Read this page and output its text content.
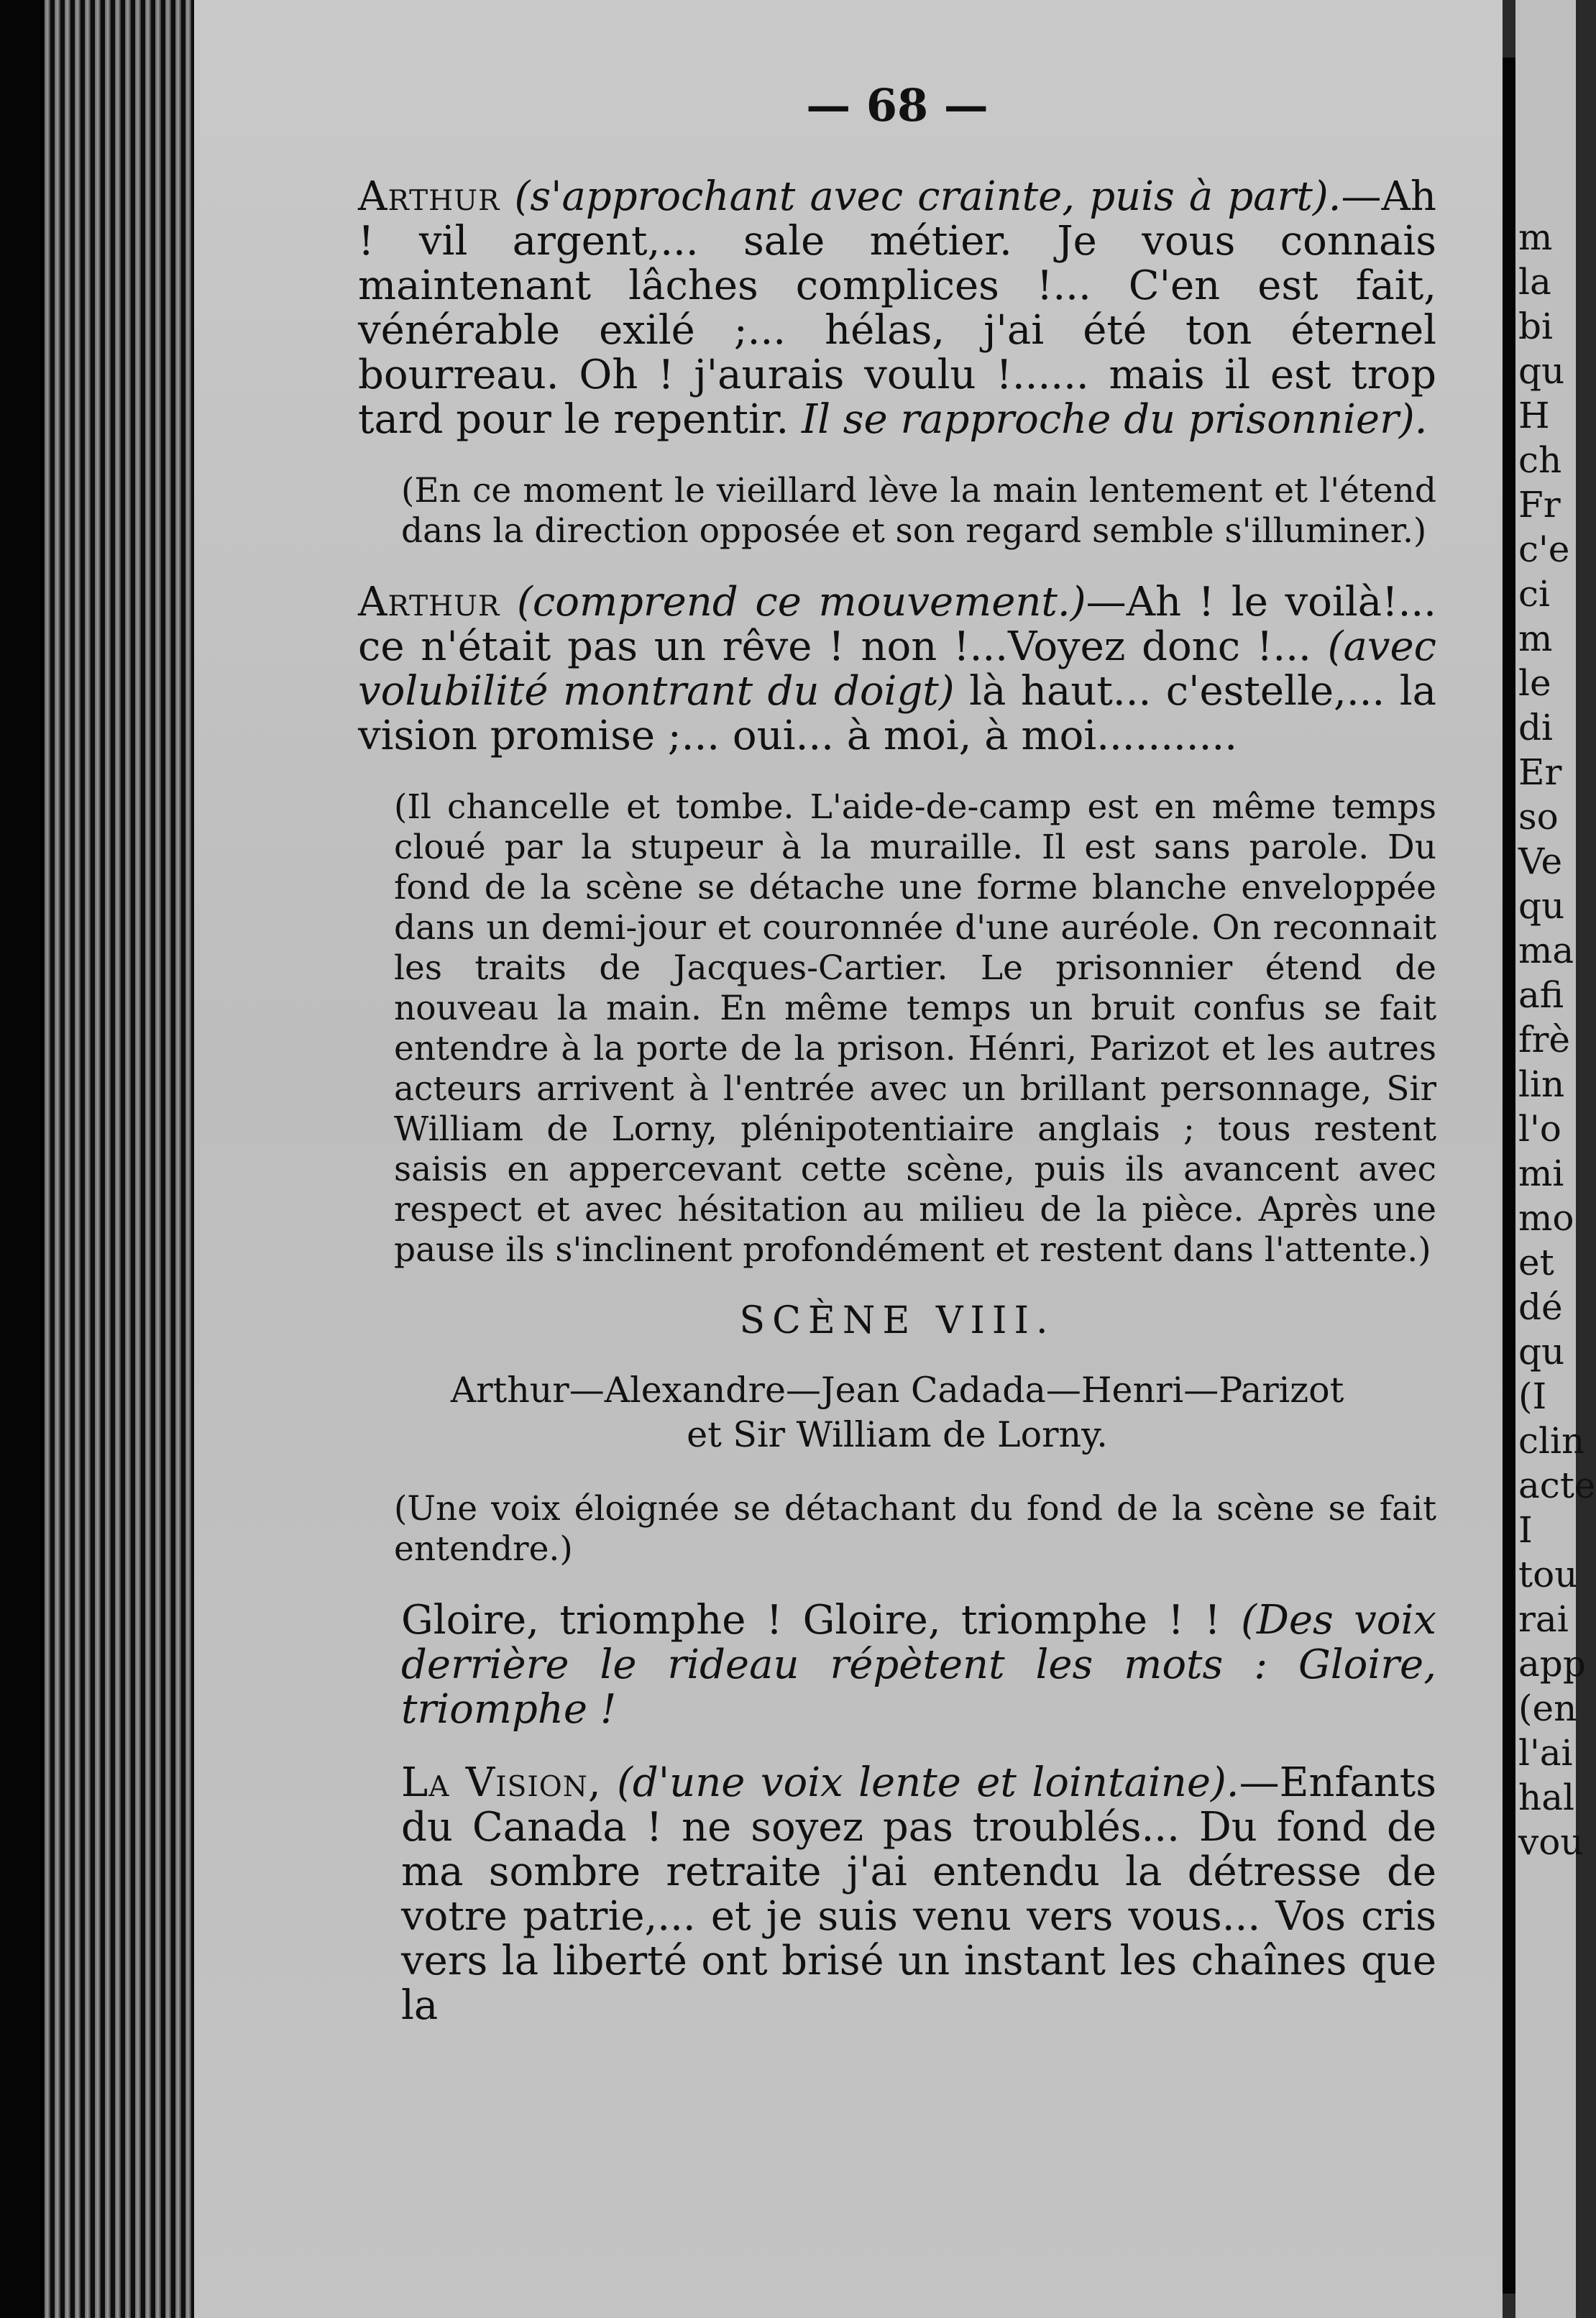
— 68 —

Arthur (s'approchant avec crainte, puis à part).—Ah ! vil argent,... sale métier. Je vous connais maintenant lâches complices !... C'en est fait, vénérable exilé ;... hélas, j'ai été ton éternel bourreau. Oh ! j'aurais voulu !...... mais il est trop tard pour le repentir. Il se rapproche du prisonnier).

(En ce moment le vieillard lève la main lentement et l'étend dans la direction opposée et son regard semble s'illuminer.)

Arthur (comprend ce mouvement.)—Ah ! le voilà!... ce n'était pas un rêve ! non !...Voyez donc !... (avec volubilité montrant du doigt) là haut... c'estelle,... la vision promise ;... oui... à moi, à moi...........

(Il chancelle et tombe. L'aide-de-camp est en même temps cloué par la stupeur à la muraille. Il est sans parole. Du fond de la scène se détache une forme blanche enveloppée dans un demi-jour et couronnée d'une auréole. On reconnait les traits de Jacques-Cartier. Le prisonnier étend de nouveau la main. En même temps un bruit confus se fait entendre à la porte de la prison. Hénri, Parizot et les autres acteurs arrivent à l'entrée avec un brillant personnage, Sir William de Lorny, plénipotentiaire anglais ; tous restent saisis en appercevant cette scène, puis ils avancent avec respect et avec hésitation au milieu de la pièce. Après une pause ils s'inclinent profondément et restent dans l'attente.)

SCÈNE VIII.
Arthur—Alexandre—Jean Cadada—Henri—Parizot
et Sir William de Lorny.

(Une voix éloignée se détachant du fond de la scène se fait entendre.)

Gloire, triomphe ! Gloire, triomphe ! ! (Des voix derrière le rideau répètent les mots : Gloire, triomphe !

La Vision, (d'une voix lente et lointaine).—Enfants du Canada ! ne soyez pas troublés... Du fond de ma sombre retraite j'ai entendu la détresse de votre patrie,... et je suis venu vers vous... Vos cris vers la liberté ont brisé un instant les chaînes que la

m
la
bi
qu
H
ch
Fr
c'e
ci
m
le
di
Er
so
Ve
qu
ma
afi
frè
lin
l'o
mi
mo
et
dé
qu
(I
clin
acte
I
tou
rai
app
(en
l'ai
hal
vou
